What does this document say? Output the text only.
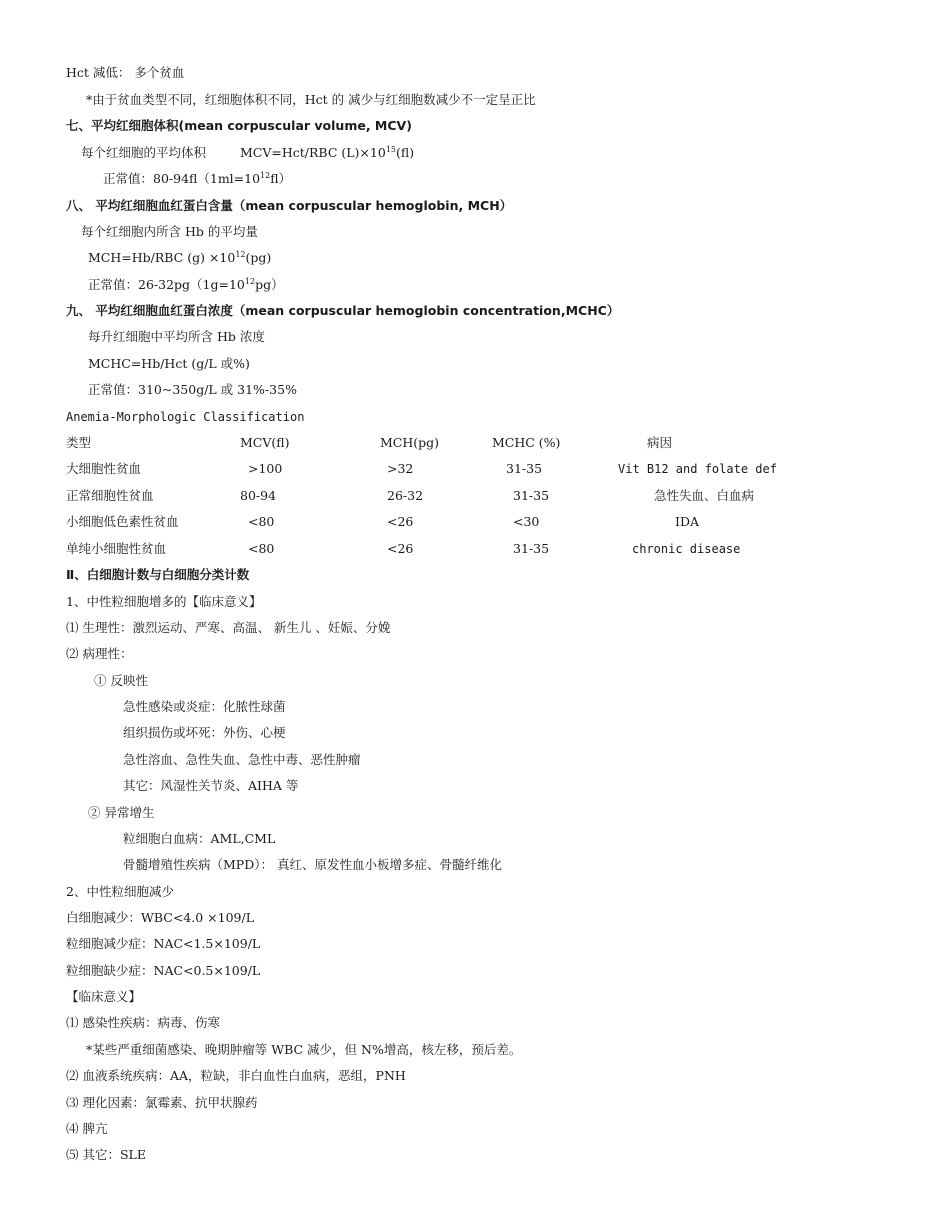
Hct 减低： 多个贫血
*由于贫血类型不同，红细胞体积不同，Hct 的 减少与红细胞数减少不一定呈正比
七、平均红细胞体积(mean corpuscular volume, MCV)
每个红细胞的平均体积	MCV=Hct/RBC $(L)\times 10^{15}(fl)$
正常值：$80-94fl(1ml=10^{12}fl)$
八、 平均红细胞血红蛋白含量（mean corpuscular hemoglobin, MCH）
每个红细胞内所含 Hb 的平均量
MCH=Hb/RBC $(g) \times 10^{12}(pg)$
正常值：$26-32pg(1g=10^{12}pg)$
九、 平均红细胞血红蛋白浓度（mean corpuscular hemoglobin concentration,MCHC）
每升红细胞中平均所含 Hb 浓度
MCHC=Hb/Hct (g/L 或%)
正常值：310~350g/L 或 31%-35%
Anemia-Morphologic Classification
类型	MCV(fl)	MCH(pg)	MCHC (%)	病因
大细胞性贫血	>100	>32	31-35	Vit B12 and folate def
正常细胞性贫血	80-94	26-32	31-35	急性失血、白血病
小细胞低色素性贫血	<80	<26	<30	IDA
单纯小细胞性贫血	<80	<26	31-35	chronic disease
Ⅱ、白细胞计数与白细胞分类计数
1、中性粒细胞增多的【临床意义】
⑴ 生理性：激烈运动、严寒、高温、 新生儿 、妊娠、分娩
⑵ 病理性：
① 反映性
急性感染或炎症：化脓性球菌
组织损伤或坏死：外伤、心梗
急性溶血、急性失血、急性中毒、恶性肿瘤
其它：风湿性关节炎、AIHA 等
② 异常增生
粒细胞白血病：AML,CML
骨髓增殖性疾病（MPD）： 真红、原发性血小板增多症、骨髓纤维化
2、中性粒细胞减少
白细胞减少：WBC<4.0 ×109/L
粒细胞减少症：NAC<1.5×109/L
粒细胞缺少症：NAC<0.5×109/L
【临床意义】
⑴ 感染性疾病：病毒、伤寒
*某些严重细菌感染、晚期肿瘤等 WBC 减少，但 N%增高，核左移，预后差。
⑵ 血液系统疾病：AA，粒缺，非白血性白血病，恶组，PNH
⑶ 理化因素：氯霉素、抗甲状腺药
⑷ 脾亢
⑸ 其它：SLE
